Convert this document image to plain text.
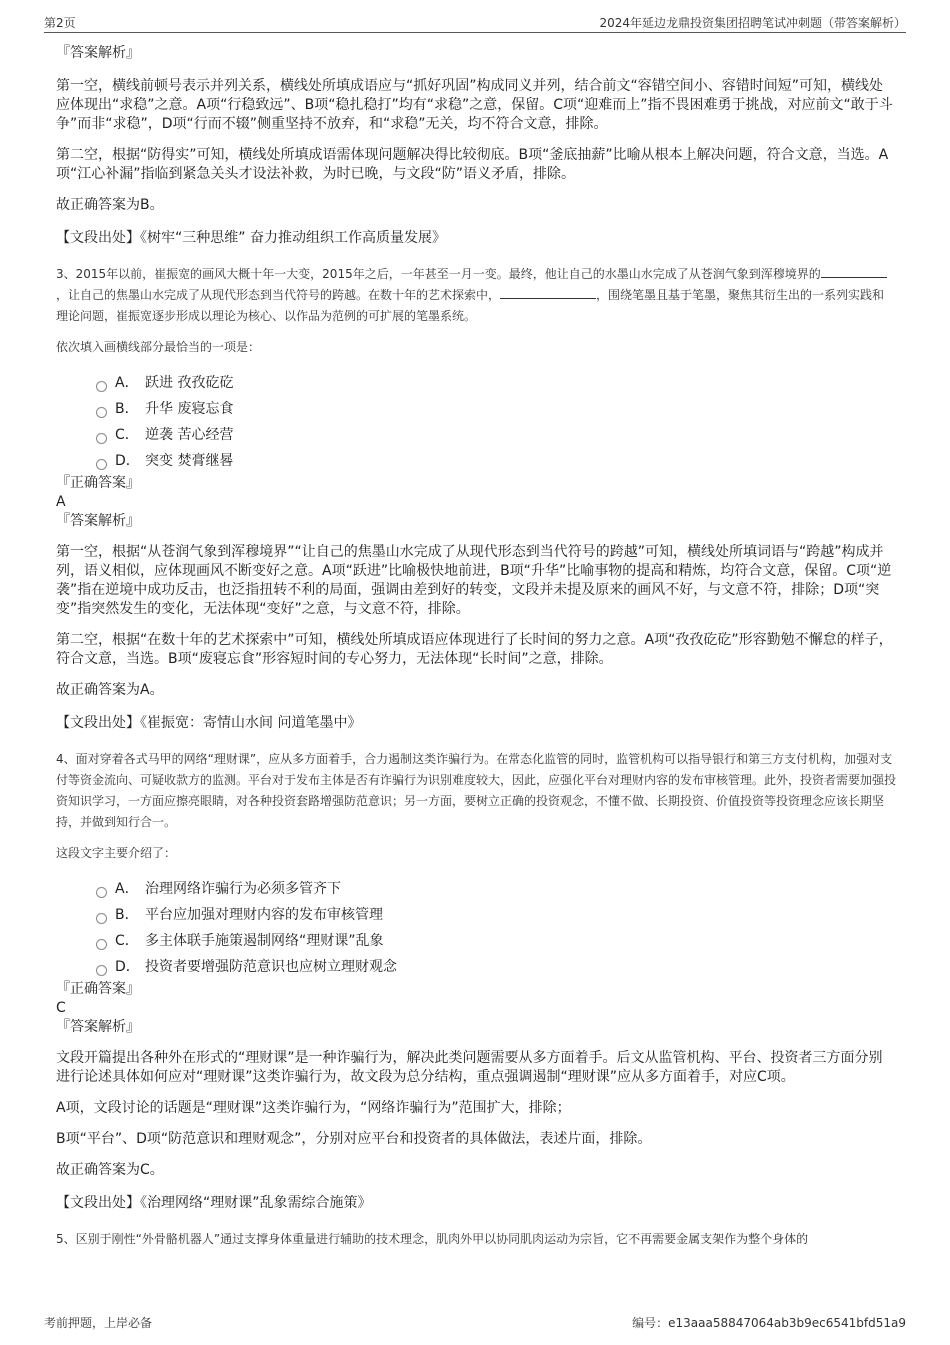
第2页	2024年延边龙鼎投资集团招聘笔试冲刺题（带答案解析）

『答案解析』

第一空，横线前顿号表示并列关系，横线处所填成语应与“抓好巩固”构成同义并列，结合前文“容错空间小、容错时间短”可知，横线处应体现出“求稳”之意。A项“行稳致远”、B项“稳扎稳打”均有“求稳”之意，保留。C项“迎难而上”指不畏困难勇于挑战，对应前文“敢于斗争”而非“求稳”，D项“行而不辍”侧重坚持不放弃，和“求稳”无关，均不符合文意，排除。

第二空，根据“防得实”可知，横线处所填成语需体现问题解决得比较彻底。B项“釜底抽薪”比喻从根本上解决问题，符合文意，当选。A项“江心补漏”指临到紧急关头才设法补救，为时已晚，与文段“防”语义矛盾，排除。

故正确答案为B。

【文段出处】《树牢“三种思维” 奋力推动组织工作高质量发展》

3、2015年以前，崔振宽的画风大概十年一大变，2015年之后，一年甚至一月一变。最终，他让自己的水墨山水完成了从苍润气象到浑穆境界的，让自己的焦墨山水完成了从现代形态到当代符号的跨越。在数十年的艺术探索中，	，围绕笔墨且基于笔墨，聚焦其衍生出的一系列实践和理论问题，崔振宽逐步形成以理论为核心、以作品为范例的可扩展的笔墨系统。

依次填入画横线部分最恰当的一项是：

A． 跃进 孜孜矻矻
B． 升华 废寝忘食
C． 逆袭 苦心经营
D． 突变 焚膏继晷

『正确答案』

A

『答案解析』

第一空，根据“从苍润气象到浑穆境界”“让自己的焦墨山水完成了从现代形态到当代符号的跨越”可知，横线处所填词语与“跨越”构成并列，语义相似，应体现画风不断变好之意。A项“跃进”比喻极快地前进，B项“升华”比喻事物的提高和精炼，均符合文意，保留。C项“逆袭”指在逆境中成功反击，也泛指扭转不利的局面，强调由差到好的转变，文段并未提及原来的画风不好，与文意不符，排除；D项“突变”指突然发生的变化，无法体现“变好”之意，与文意不符，排除。

第二空，根据“在数十年的艺术探索中”可知，横线处所填成语应体现进行了长时间的努力之意。A项“孜孜矻矻”形容勤勉不懈怠的样子，符合文意，当选。B项“废寝忘食”形容短时间的专心努力，无法体现“长时间”之意，排除。

故正确答案为A。

【文段出处】《崔振宽：寄情山水间 问道笔墨中》

4、面对穿着各式马甲的网络“理财课”，应从多方面着手，合力遏制这类诈骗行为。在常态化监管的同时，监管机构可以指导银行和第三方支付机构，加强对支付等资金流向、可疑收款方的监测。平台对于发布主体是否有诈骗行为识别难度较大，因此，应强化平台对理财内容的发布审核管理。此外，投资者需要加强投资知识学习，一方面应擦亮眼睛，对各种投资套路增强防范意识；另一方面，要树立正确的投资观念，不懂不做、长期投资、价值投资等投资理念应该长期坚持，并做到知行合一。

这段文字主要介绍了：

A． 治理网络诈骗行为必须多管齐下
B． 平台应加强对理财内容的发布审核管理
C． 多主体联手施策遏制网络“理财课”乱象
D． 投资者要增强防范意识也应树立理财观念

『正确答案』

C

『答案解析』

文段开篇提出各种外在形式的“理财课”是一种诈骗行为，解决此类问题需要从多方面着手。后文从监管机构、平台、投资者三方面分别进行论述具体如何应对“理财课”这类诈骗行为，故文段为总分结构，重点强调遏制“理财课”应从多方面着手，对应C项。

A项，文段讨论的话题是“理财课”这类诈骗行为，“网络诈骗行为”范围扩大，排除；

B项“平台”、D项“防范意识和理财观念”，分别对应平台和投资者的具体做法，表述片面，排除。

故正确答案为C。

【文段出处】《治理网络“理财课”乱象需综合施策》

5、区别于刚性“外骨骼机器人”通过支撑身体重量进行辅助的技术理念，肌肉外甲以协同肌肉运动为宗旨，它不再需要金属支架作为整个身体的

考前押题，上岸必备	编号：e13aaa58847064ab3b9ec6541bfd51a9
